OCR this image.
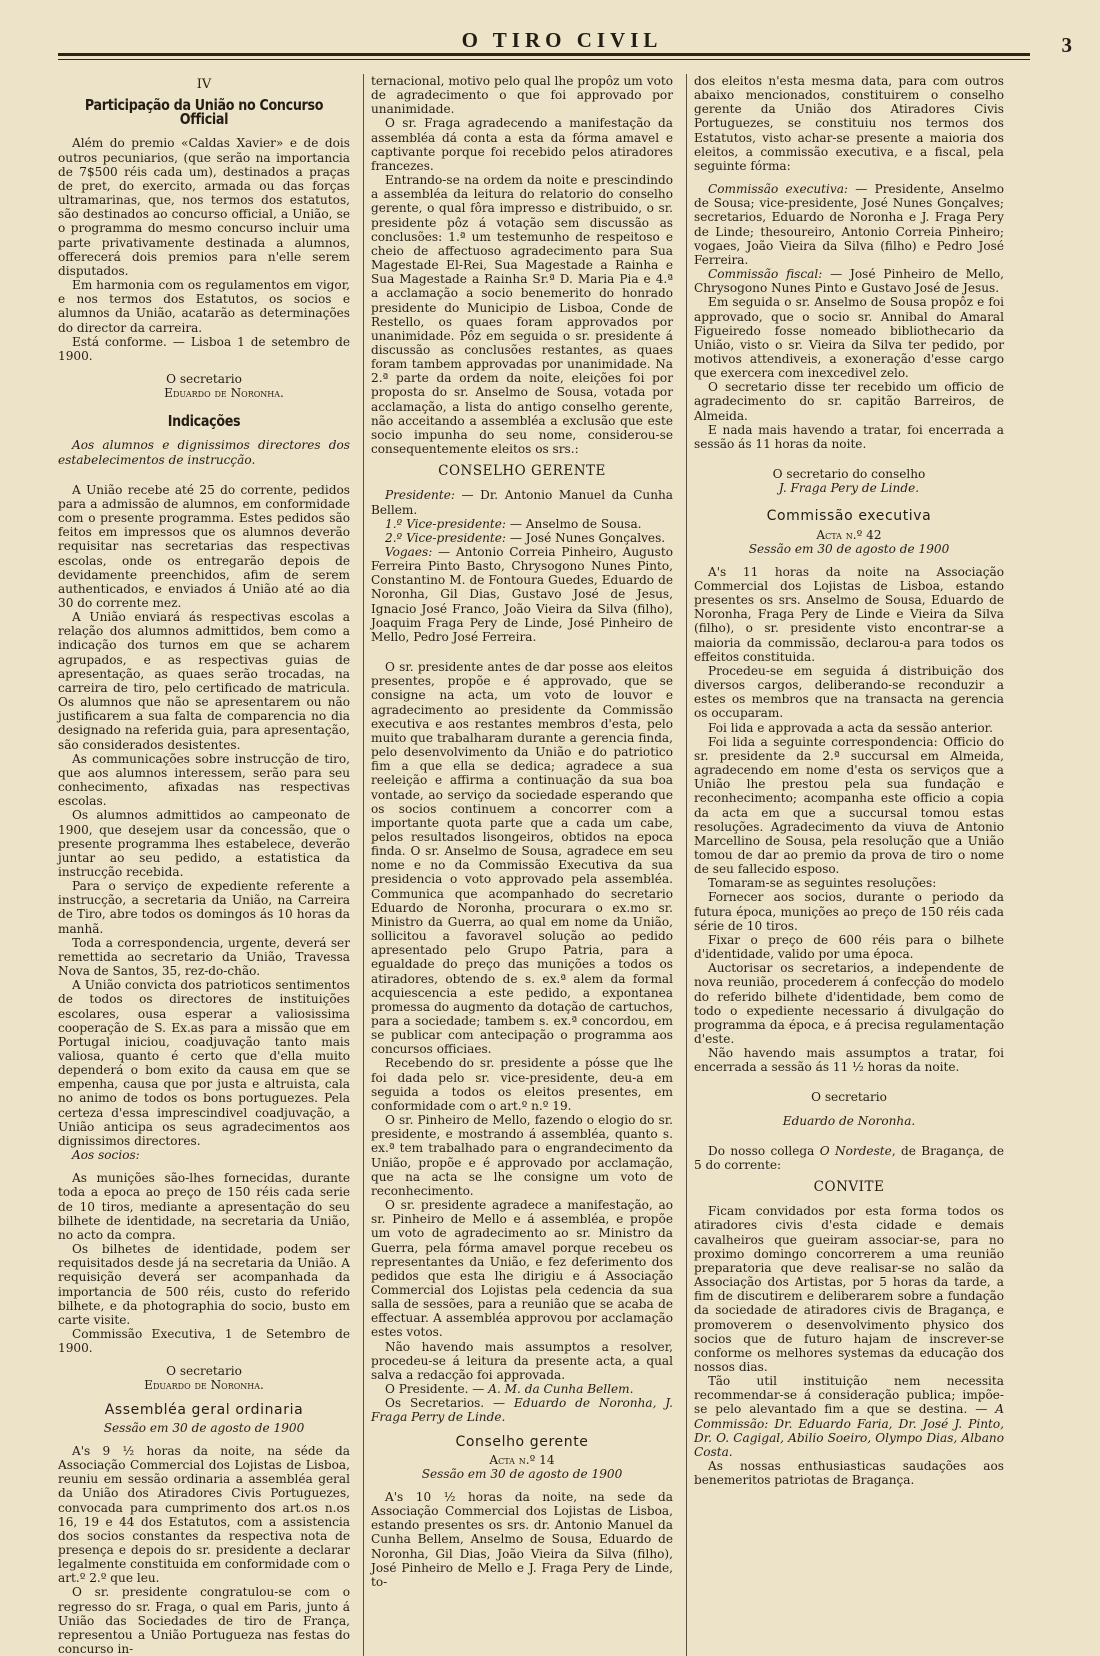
O TIRO CIVIL	3
IV
Participação da União no Concurso Official

Além do premio «Caldas Xavier» e de dois outros pecuniarios, (que serão na importancia de 7$500 réis cada um), destinados a praças de pret, do exercito, armada ou das forças ultramarinas, que, nos termos dos estatutos, são destinados ao concurso official, a União, se o programma do mesmo concurso incluir uma parte privativamente destinada a alumnos, offerecerá dois premios para n'elle serem disputados.

Em harmonia com os regulamentos em vigor, e nos termos dos Estatutos, os socios e alumnos da União, acatarão as determinações do director da carreira.

Está conforme. — Lisboa 1 de setembro de 1900.

O secretario

Eduardo de Noronha.

Indicações

Aos alumnos e dignissimos directores dos estabelecimentos de instrucção.

A União recebe até 25 do corrente, pedidos para a admissão de alumnos, em conformidade com o presente programma. Estes pedidos são feitos em impressos que os alumnos deverão requisitar nas secretarias das respectivas escolas, onde os entregarão depois de devidamente preenchidos, afim de serem authenticados, e enviados á União até ao dia 30 do corrente mez.

A União enviará ás respectivas escolas a relação dos alumnos admittidos, bem como a indicação dos turnos em que se acharem agrupados, e as respectivas guias de apresentação, as quaes serão trocadas, na carreira de tiro, pelo certificado de matricula. Os alumnos que não se apresentarem ou não justificarem a sua falta de comparencia no dia designado na referida guia, para apresentação, são considerados desistentes.

As communicações sobre instrucção de tiro, que aos alumnos interessem, serão para seu conhecimento, afixadas nas respectivas escolas.

Os alumnos admittidos ao campeonato de 1900, que desejem usar da concessão, que o presente programma lhes estabelece, deverão juntar ao seu pedido, a estatistica da instrucção recebida.

Para o serviço de expediente referente a instrucção, a secretaria da União, na Carreira de Tiro, abre todos os domingos ás 10 horas da manhã.

Toda a correspondencia, urgente, deverá ser remettida ao secretario da União, Travessa Nova de Santos, 35, rez-do-chão.

A União convicta dos patrioticos sentimentos de todos os directores de instituições escolares, ousa esperar a valiosissima cooperação de S. Ex.as para a missão que em Portugal iniciou, coadjuvação tanto mais valiosa, quanto é certo que d'ella muito dependerá o bom exito da causa em que se empenha, causa que por justa e altruista, cala no animo de todos os bons portuguezes. Pela certeza d'essa imprescindivel coadjuvação, a União anticipa os seus agradecimentos aos dignissimos directores.

Aos socios:

As munições são-lhes fornecidas, durante toda a epoca ao preço de 150 réis cada serie de 10 tiros, mediante a apresentação do seu bilhete de identidade, na secretaria da União, no acto da compra.

Os bilhetes de identidade, podem ser requisitados desde já na secretaria da União. A requisição deverá ser acompanhada da importancia de 500 réis, custo do referido bilhete, e da photographia do socio, busto em carte visite.

Commissão Executiva, 1 de Setembro de 1900.

O secretario

Eduardo de Noronha.

Assembléa geral ordinaria

Sessão em 30 de agosto de 1900

A's 9 ½ horas da noite, na séde da Associação Commercial dos Lojistas de Lisboa, reuniu em sessão ordinaria a assembléa geral da União dos Atiradores Civis Portuguezes, convocada para cumprimento dos art.os n.os 16, 19 e 44 dos Estatutos, com a assistencia dos socios constantes da respectiva nota de presença e depois do sr. presidente a declarar legalmente constituida em conformidade com o art.º 2.º que leu.

O sr. presidente congratulou-se com o regresso do sr. Fraga, o qual em Paris, junto á União das Sociedades de tiro de França, representou a União Portugueza nas festas do concurso in-

ternacional, motivo pelo qual lhe propôz um voto de agradecimento o que foi approvado por unanimidade.

O sr. Fraga agradecendo a manifestação da assembléa dá conta a esta da fórma amavel e captivante porque foi recebido pelos atiradores francezes.

Entrando-se na ordem da noite e prescindindo a assembléa da leitura do relatorio do conselho gerente, o qual fôra impresso e distribuido, o sr. presidente pôz á votação sem discussão as conclusões: 1.ª um testemunho de respeitoso e cheio de affectuoso agradecimento para Sua Magestade El-Rei, Sua Magestade a Rainha e Sua Magestade a Rainha Sr.ª D. Maria Pia e 4.ª a acclamação a socio benemerito do honrado presidente do Municipio de Lisboa, Conde de Restello, os quaes foram approvados por unanimidade. Pôz em seguida o sr. presidente á discussão as conclusões restantes, as quaes foram tambem approvadas por unanimidade. Na 2.ª parte da ordem da noite, eleições foi por proposta do sr. Anselmo de Sousa, votada por acclamação, a lista do antigo conselho gerente, não acceitando a assembléa a exclusão que este socio impunha do seu nome, considerou-se consequentemente eleitos os srs.:

CONSELHO GERENTE

Presidente: — Dr. Antonio Manuel da Cunha Bellem.

1.º Vice-presidente: — Anselmo de Sousa.

2.º Vice-presidente: — José Nunes Gonçalves.

Vogaes: — Antonio Correia Pinheiro, Augusto Ferreira Pinto Basto, Chrysogono Nunes Pinto, Constantino M. de Fontoura Guedes, Eduardo de Noronha, Gil Dias, Gustavo José de Jesus, Ignacio José Franco, João Vieira da Silva (filho), Joaquim Fraga Pery de Linde, José Pinheiro de Mello, Pedro José Ferreira.

O sr. presidente antes de dar posse aos eleitos presentes, propõe e é approvado, que se consigne na acta, um voto de louvor e agradecimento ao presidente da Commissão executiva e aos restantes membros d'esta, pelo muito que trabalharam durante a gerencia finda, pelo desenvolvimento da União e do patriotico fim a que ella se dedica; agradece a sua reeleição e affirma a continuação da sua boa vontade, ao serviço da sociedade esperando que os socios continuem a concorrer com a importante quota parte que a cada um cabe, pelos resultados lisongeiros, obtidos na epoca finda. O sr. Anselmo de Sousa, agradece em seu nome e no da Commissão Executiva da sua presidencia o voto approvado pela assembléa. Communica que acompanhado do secretario Eduardo de Noronha, procurara o ex.mo sr. Ministro da Guerra, ao qual em nome da União, sollicitou a favoravel solução ao pedido apresentado pelo Grupo Patria, para a egualdade do preço das munições a todos os atiradores, obtendo de s. ex.ª alem da formal acquiescencia a este pedido, a expontanea promessa do augmento da dotação de cartuchos, para a sociedade; tambem s. ex.ª concordou, em se publicar com antecipação o programma aos concursos officiaes.

Recebendo do sr. presidente a pósse que lhe foi dada pelo sr. vice-presidente, deu-a em seguida a todos os eleitos presentes, em conformidade com o art.º n.º 19.

O sr. Pinheiro de Mello, fazendo o elogio do sr. presidente, e mostrando á assembléa, quanto s. ex.ª tem trabalhado para o engrandecimento da União, propõe e é approvado por acclamação, que na acta se lhe consigne um voto de reconhecimento.

O sr. presidente agradece a manifestação, ao sr. Pinheiro de Mello e á assembléa, e propõe um voto de agradecimento ao sr. Ministro da Guerra, pela fórma amavel porque recebeu os representantes da União, e fez deferimento dos pedidos que esta lhe dirigiu e á Associação Commercial dos Lojistas pela cedencia da sua salla de sessões, para a reunião que se acaba de effectuar. A assembléa approvou por acclamação estes votos.

Não havendo mais assumptos a resolver, procedeu-se á leitura da presente acta, a qual salva a redacção foi approvada.

O Presidente. — A. M. da Cunha Bellem.

Os Secretarios. — Eduardo de Noronha, J. Fraga Perry de Linde.

Conselho gerente

Acta n.º 14

Sessão em 30 de agosto de 1900

A's 10 ½ horas da noite, na sede da Associação Commercial dos Lojistas de Lisboa, estando presentes os srs. dr. Antonio Manuel da Cunha Bellem, Anselmo de Sousa, Eduardo de Noronha, Gil Dias, João Vieira da Silva (filho), José Pinheiro de Mello e J. Fraga Pery de Linde, to-

dos eleitos n'esta mesma data, para com outros abaixo mencionados, constituirem o conselho gerente da União dos Atiradores Civis Portuguezes, se constituiu nos termos dos Estatutos, visto achar-se presente a maioria dos eleitos, a commissão executiva, e a fiscal, pela seguinte fórma:

Commissão executiva: — Presidente, Anselmo de Sousa; vice-presidente, José Nunes Gonçalves; secretarios, Eduardo de Noronha e J. Fraga Pery de Linde; thesoureiro, Antonio Correia Pinheiro; vogaes, João Vieira da Silva (filho) e Pedro José Ferreira.

Commissão fiscal: — José Pinheiro de Mello, Chrysogono Nunes Pinto e Gustavo José de Jesus.

Em seguida o sr. Anselmo de Sousa propôz e foi approvado, que o socio sr. Annibal do Amaral Figueiredo fosse nomeado bibliothecario da União, visto o sr. Vieira da Silva ter pedido, por motivos attendiveis, a exoneração d'esse cargo que exercera com inexcedivel zelo.

O secretario disse ter recebido um officio de agradecimento do sr. capitão Barreiros, de Almeida.

E nada mais havendo a tratar, foi encerrada a sessão ás 11 horas da noite.

O secretario do conselho

J. Fraga Pery de Linde.

Commissão executiva

Acta n.º 42

Sessão em 30 de agosto de 1900

A's 11 horas da noite na Associação Commercial dos Lojistas de Lisboa, estando presentes os srs. Anselmo de Sousa, Eduardo de Noronha, Fraga Pery de Linde e Vieira da Silva (filho), o sr. presidente visto encontrar-se a maioria da commissão, declarou-a para todos os effeitos constituida.

Procedeu-se em seguida á distribuição dos diversos cargos, deliberando-se reconduzir a estes os membros que na transacta na gerencia os occuparam.

Foi lida e approvada a acta da sessão anterior.

Foi lida a seguinte correspondencia: Officio do sr. presidente da 2.ª succursal em Almeida, agradecendo em nome d'esta os serviços que a União lhe prestou pela sua fundação e reconhecimento; acompanha este officio a copia da acta em que a succursal tomou estas resoluções. Agradecimento da viuva de Antonio Marcellino de Sousa, pela resolução que a União tomou de dar ao premio da prova de tiro o nome de seu fallecido esposo.

Tomaram-se as seguintes resoluções:

Fornecer aos socios, durante o periodo da futura época, munições ao preço de 150 réis cada série de 10 tiros.

Fixar o preço de 600 réis para o bilhete d'identidade, valido por uma época.

Auctorisar os secretarios, a independente de nova reunião, procederem á confecção do modelo do referido bilhete d'identidade, bem como de todo o expediente necessario á divulgação do programma da época, e á precisa regulamentação d'este.

Não havendo mais assumptos a tratar, foi encerrada a sessão ás 11 ½ horas da noite.

O secretario

Eduardo de Noronha.

Do nosso collega O Nordeste, de Bragança, de 5 do corrente:

CONVITE

Ficam convidados por esta forma todos os atiradores civis d'esta cidade e demais cavalheiros que gueiram associar-se, para no proximo domingo concorrerem a uma reunião preparatoria que deve realisar-se no salão da Associação dos Artistas, por 5 horas da tarde, a fim de discutirem e deliberarem sobre a fundação da sociedade de atiradores civis de Bragança, e promoverem o desenvolvimento physico dos socios que de futuro hajam de inscrever-se conforme os melhores systemas da educação dos nossos dias.

Tão util instituição nem necessita recommendar-se á consideração publica; impõe-se pelo alevantado fim a que se destina. — A Commissão: Dr. Eduardo Faria, Dr. José J. Pinto, Dr. O. Cagigal, Abilio Soeiro, Olympo Dias, Albano Costa.

As nossas enthusiasticas saudações aos benemeritos patriotas de Bragança.
